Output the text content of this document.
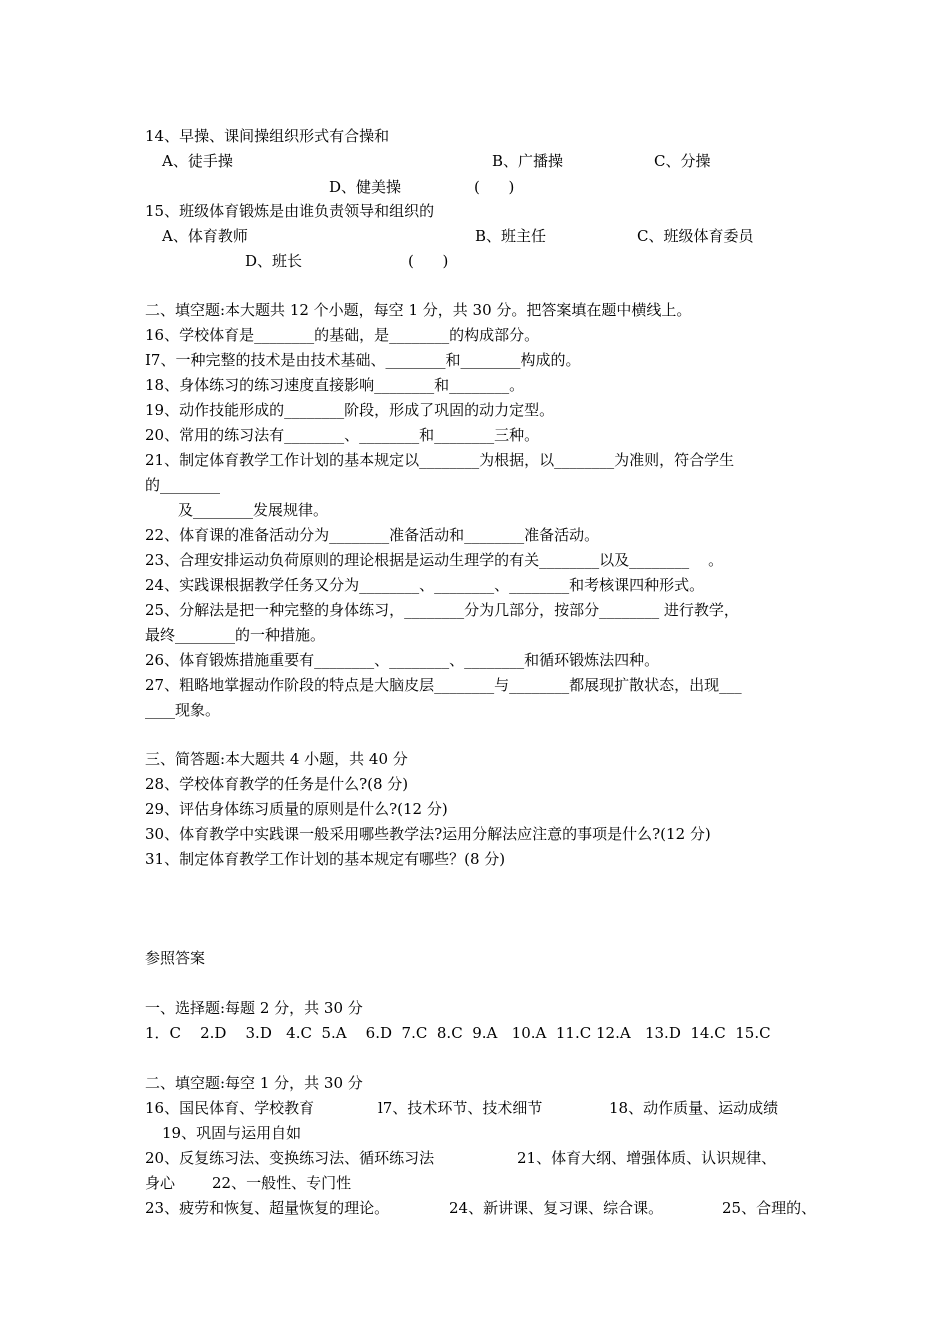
14、早操、课间操组织形式有合操和
A、徒手操	B、广播操	C、分操
D、健美操	(      )
15、班级体育锻炼是由谁负责领导和组织的
A、体育教师	B、班主任	C、班级体育委员
D、班长	(      )
二、填空题:本大题共 12 个小题，每空 1 分，共 30 分。把答案填在题中横线上。
16、学校体育是________的基础，是________的构成部分。
I7、一种完整的技术是由技术基础、________和________构成的。
18、身体练习的练习速度直接影响________和________。
19、动作技能形成的________阶段，形成了巩固的动力定型。
20、常用的练习法有________、________和________三种。
21、制定体育教学工作计划的基本规定以________为根据，以________为准则，符合学生
的________
及________发展规律。
22、体育课的准备活动分为________准备活动和________准备活动。
23、合理安排运动负荷原则的理论根据是运动生理学的有关________以及________    。
24、实践课根据教学任务又分为________、________、________和考核课四种形式。
25、分解法是把一种完整的身体练习，________分为几部分，按部分________ 进行教学，
最终________的一种措施。
26、体育锻炼措施重要有________、________、________和循环锻炼法四种。
27、粗略地掌握动作阶段的特点是大脑皮层________与________都展现扩散状态，出现___
____现象。
三、简答题:本大题共 4 小题，共 40 分
28、学校体育教学的任务是什么?(8 分)
29、评估身体练习质量的原则是什么?(12 分)
30、体育教学中实践课一般采用哪些教学法?运用分解法应注意的事项是什么?(12 分)
31、制定体育教学工作计划的基本规定有哪些？(8 分)
参照答案
一、选择题:每题 2 分，共 30 分
1．C    2.D    3.D   4.C  5.A    6.D  7.C  8.C  9.A   10.A  11.C 12.A   13.D  14.C  15.C
二、填空题:每空 1 分，共 30 分
16、国民体育、学校教育	l7、技术环节、技术细节	18、动作质量、运动成绩
19、巩固与运用自如
20、反复练习法、变换练习法、循环练习法	21、体育大纲、增强体质、认识规律、
身心 22、一般性、专门性
23、疲劳和恢复、超量恢复的理论。	24、新讲课、复习课、综合课。	25、合理的、
